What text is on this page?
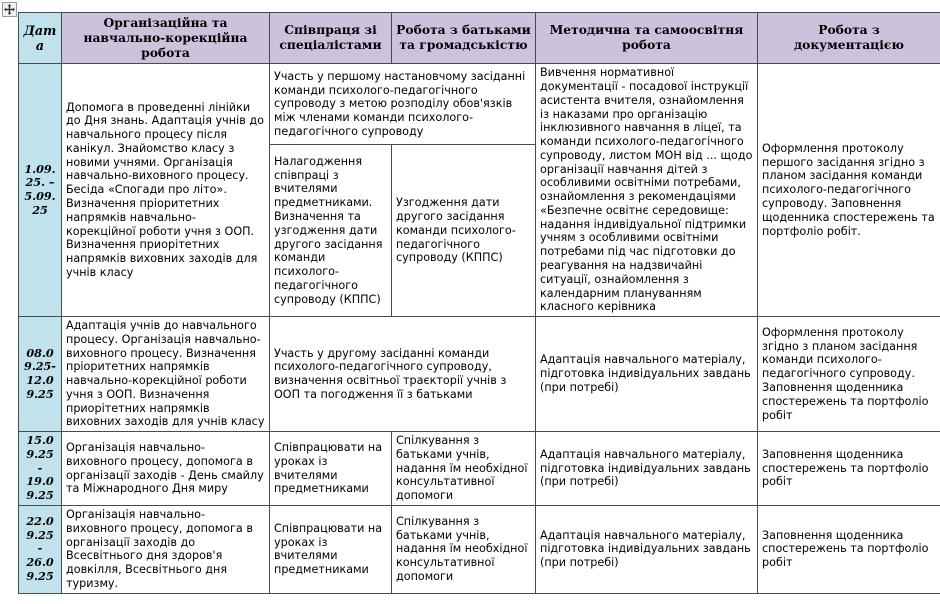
Дата	Організаційна та навчально-корекційна робота	Співпраця зі спеціалістами	Робота з батьками та громадськістю	Методична та самоосвітня робота	Робота з документацією
1.09.25. – 5.09.25	Допомога в проведенні лінійки до Дня знань. Адаптація учнів до навчального процесу після канікул. Знайомство класу з новими учнями. Організація навчально-виховного процесу. Бесіда «Спогади про літо». Визначення пріоритетних напрямків навчально-корекційної роботи учня з ООП. Визначення приорітетних напрямків виховних заходів для учнів класу	Участь у першому настановчому засіданні команди психолого-педагогічного супроводу з метою розподілу обов'язків між членами команди психолого-педагогічного супроводу	Вивчення нормативної документації - посадової інструкції асистента вчителя, ознайомлення із наказами про організацію інклюзивного навчання в ліцеї, та команди психолого-педагогічного супроводу, листом МОН від ... щодо організації навчання дітей з особливими освітніми потребами, ознайомлення з рекомендаціями «Безпечне освітнє середовище: надання індивідуальної підтримки учням з особливими освітніми потребами під час підготовки до реагування на надзвичайні ситуації, ознайомлення з календарним плануванням класного керівника	Оформлення протоколу першого засідання згідно з планом засідання команди психолого-педагогічного супроводу. Заповнення щоденника спостережень та портфоліо робіт.
		Налагодження співпраці з вчителями предметниками. Визначення та узгодження дати другого засідання команди психолого-педагогічного супроводу (КППС)	Узгодження дати другого засідання команди психолого-педагогічного супроводу (КППС)		
08.09.25- 12.09.25	Адаптація учнів до навчального процесу. Організація навчально-виховного процесу. Визначення пріоритетних напрямків навчально-корекційної роботи учня з ООП. Визначення приорітетних напрямків виховних заходів для учнів класу	Участь у другому засіданні команди психолого-педагогічного супроводу, визначення освітньої траєкторії учнів з ООП та погодження її з батьками		Адаптація навчального матеріалу, підготовка індивідуальних завдань (при потребі)	Оформлення протоколу згідно з планом засідання команди психолого-педагогічного супроводу. Заповнення щоденника спостережень та портфоліо робіт
15.09.25 - 19.09.25	Організація навчально-виховного процесу, допомога в організації заходів - День смайлу та Міжнародного Дня миру	Співпрацювати на уроках із вчителями предметниками	Спілкування з батьками учнів, надання їм необхідної консультативної допомоги	Адаптація навчального матеріалу, підготовка індивідуальних завдань (при потребі)	Заповнення щоденника спостережень та портфоліо робіт
22.09.25 - 26.09.25	Організація навчально-виховного процесу, допомога в організації заходів до Всесвітнього дня здоров'я довкілля, Всесвітнього дня туризму.	Співпрацювати на уроках із вчителями предметниками	Спілкування з батьками учнів, надання їм необхідної консультативної допомоги	Адаптація навчального матеріалу, підготовка індивідуальних завдань (при потребі)	Заповнення щоденника спостережень та портфоліо робіт
